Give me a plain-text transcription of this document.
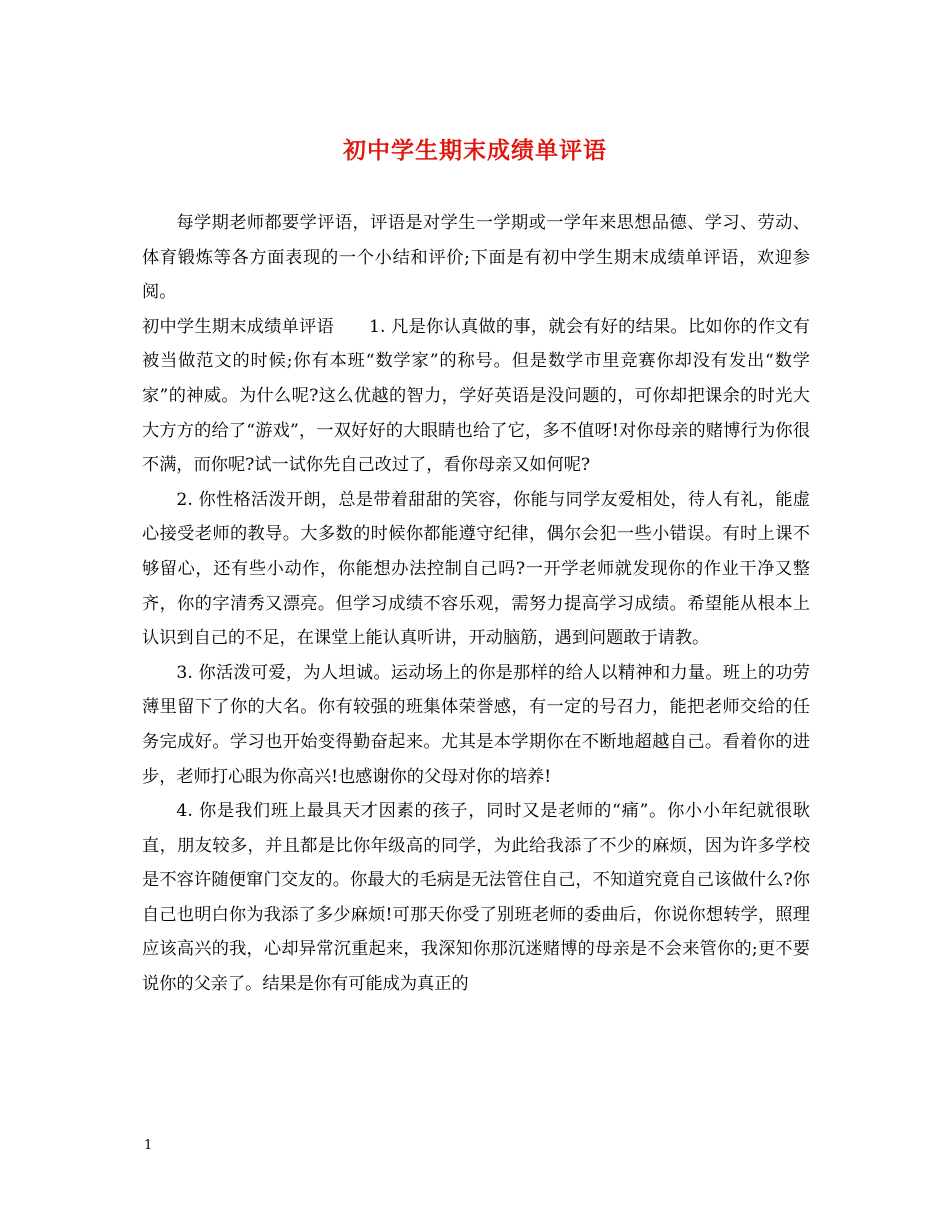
初中学生期末成绩单评语

每学期老师都要学评语，评语是对学生一学期或一学年来思想品德、学习、劳动、体育锻炼等各方面表现的一个小结和评价;下面是有初中学生期末成绩单评语，欢迎参阅。

初中学生期末成绩单评语　　1. 凡是你认真做的事，就会有好的结果。比如你的作文有被当做范文的时候;你有本班“数学家”的称号。但是数学市里竞赛你却没有发出“数学家”的神威。为什么呢?这么优越的智力，学好英语是没问题的，可你却把课余的时光大大方方的给了“游戏”，一双好好的大眼睛也给了它，多不值呀!对你母亲的赌博行为你很不满，而你呢?试一试你先自己改过了，看你母亲又如何呢?

2. 你性格活泼开朗，总是带着甜甜的笑容，你能与同学友爱相处，待人有礼，能虚心接受老师的教导。大多数的时候你都能遵守纪律，偶尔会犯一些小错误。有时上课不够留心，还有些小动作，你能想办法控制自己吗?一开学老师就发现你的作业干净又整齐，你的字清秀又漂亮。但学习成绩不容乐观，需努力提高学习成绩。希望能从根本上认识到自己的不足，在课堂上能认真听讲，开动脑筋，遇到问题敢于请教。

3. 你活泼可爱，为人坦诚。运动场上的你是那样的给人以精神和力量。班上的功劳薄里留下了你的大名。你有较强的班集体荣誉感，有一定的号召力，能把老师交给的任务完成好。学习也开始变得勤奋起来。尤其是本学期你在不断地超越自己。看着你的进步，老师打心眼为你高兴!也感谢你的父母对你的培养!

4. 你是我们班上最具天才因素的孩子，同时又是老师的“痛”。你小小年纪就很耿直，朋友较多，并且都是比你年级高的同学，为此给我添了不少的麻烦，因为许多学校是不容许随便窜门交友的。你最大的毛病是无法管住自己，不知道究竟自己该做什么?你自己也明白你为我添了多少麻烦!可那天你受了别班老师的委曲后，你说你想转学，照理应该高兴的我，心却异常沉重起来，我深知你那沉迷赌博的母亲是不会来管你的;更不要说你的父亲了。结果是你有可能成为真正的

1
